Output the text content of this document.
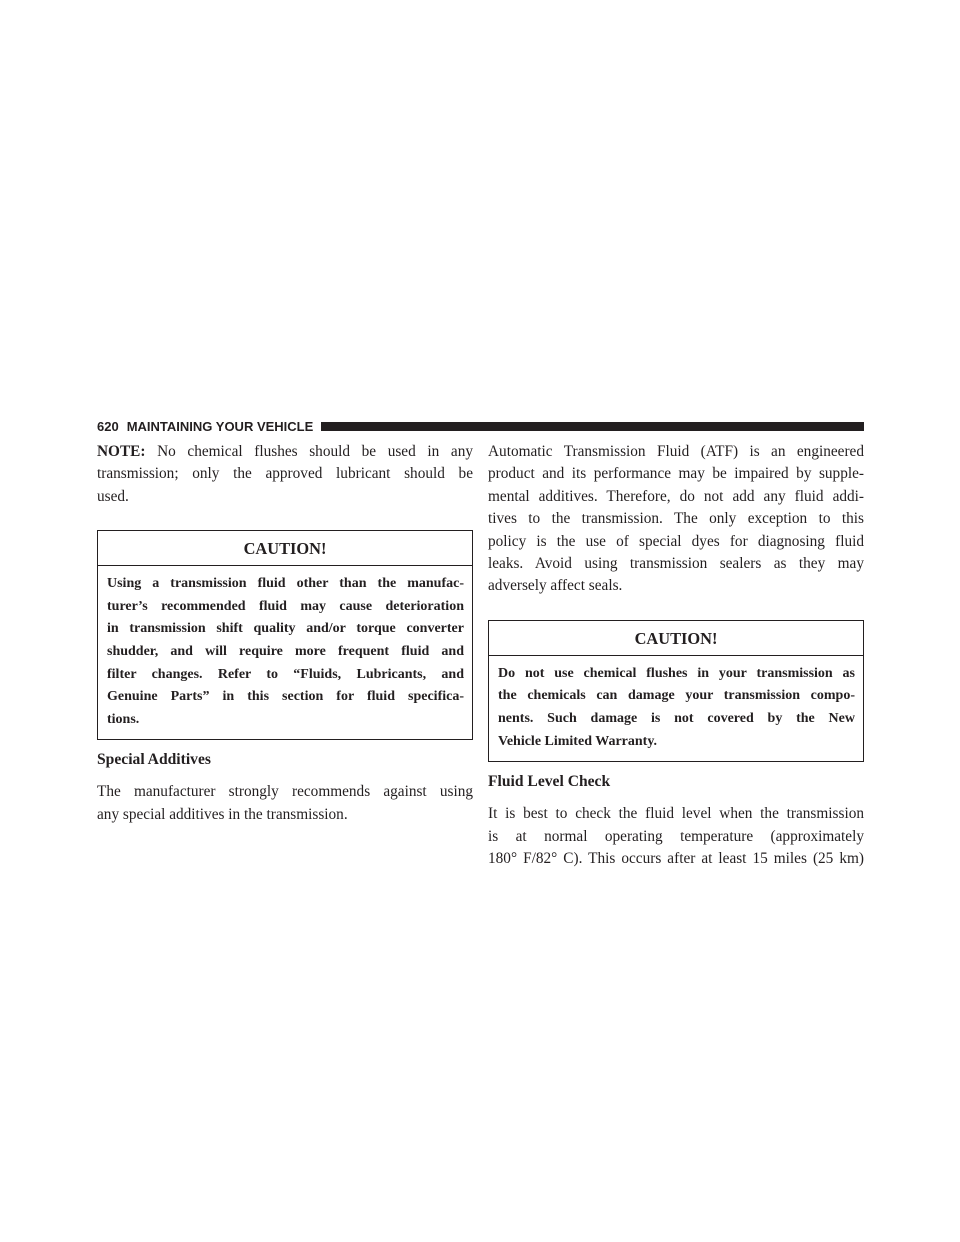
620 MAINTAINING YOUR VEHICLE

NOTE: No chemical flushes should be used in any
transmission; only the approved lubricant should be
used.

CAUTION!
Using a transmission fluid other than the manufac-
turer’s recommended fluid may cause deterioration
in transmission shift quality and/or torque converter
shudder, and will require more frequent fluid and
filter changes. Refer to “Fluids, Lubricants, and
Genuine Parts” in this section for fluid specifica-
tions.
Special Additives

The manufacturer strongly recommends against using
any special additives in the transmission.

Automatic Transmission Fluid (ATF) is an engineered
product and its performance may be impaired by supple-
mental additives. Therefore, do not add any fluid addi-
tives to the transmission. The only exception to this
policy is the use of special dyes for diagnosing fluid
leaks. Avoid using transmission sealers as they may
adversely affect seals.

CAUTION!
Do not use chemical flushes in your transmission as
the chemicals can damage your transmission compo-
nents. Such damage is not covered by the New
Vehicle Limited Warranty.
Fluid Level Check

It is best to check the fluid level when the transmission
is at normal operating temperature (approximately
180° F/82° C). This occurs after at least 15 miles (25 km)
